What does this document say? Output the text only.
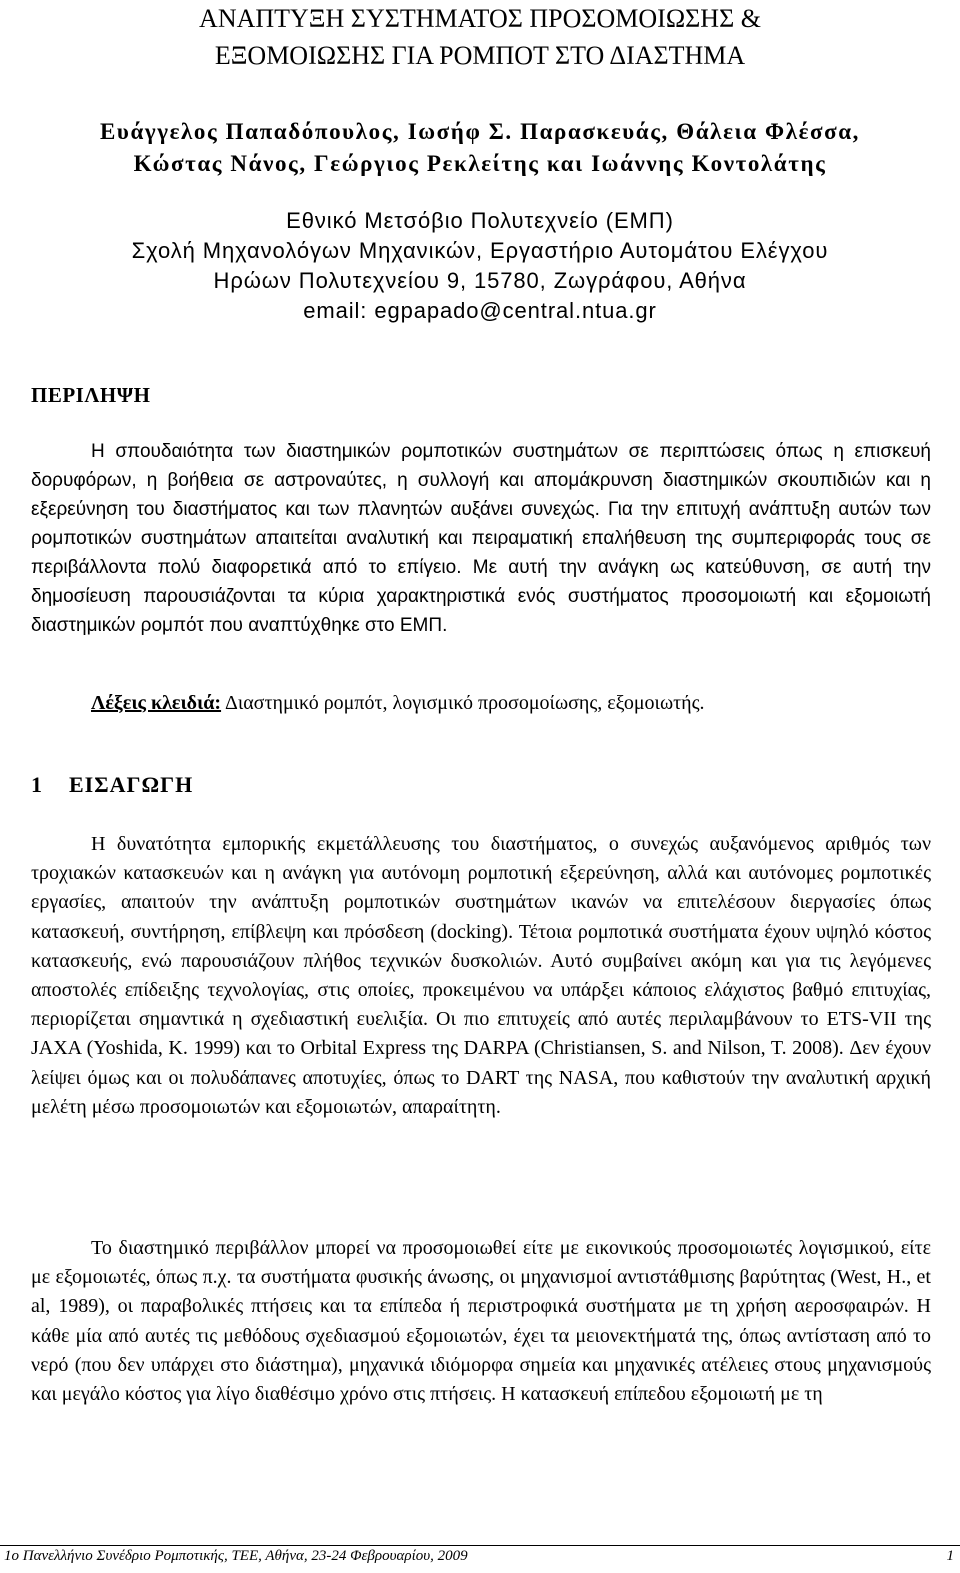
ΑΝΑΠΤΥΞΗ ΣΥΣΤΗΜΑΤΟΣ ΠΡΟΣΟΜΟΙΩΣΗΣ &
ΕΞΟΜΟΙΩΣΗΣ ΓΙΑ ΡΟΜΠΟΤ ΣΤΟ ΔΙΑΣΤΗΜΑ
Ευάγγελος Παπαδόπουλος, Ιωσήφ Σ. Παρασκευάς, Θάλεια Φλέσσα,
Κώστας Νάνος, Γεώργιος Ρεκλείτης και Ιωάννης Κοντολάτης
Εθνικό Μετσόβιο Πολυτεχνείο (ΕΜΠ)
Σχολή Μηχανολόγων Μηχανικών, Εργαστήριο Αυτομάτου Ελέγχου
Ηρώων Πολυτεχνείου 9, 15780, Ζωγράφου, Αθήνα
email: egpapado@central.ntua.gr
ΠΕΡΙΛΗΨΗ

Η σπουδαιότητα των διαστημικών ρομποτικών συστημάτων σε περιπτώσεις όπως η επισκευή δορυφόρων, η βοήθεια σε αστροναύτες, η συλλογή και απομάκρυνση διαστημικών σκουπιδιών και η εξερεύνηση του διαστήματος και των πλανητών αυξάνει συνεχώς. Για την επιτυχή ανάπτυξη αυτών των ρομποτικών συστημάτων απαιτείται αναλυτική και πειραματική επαλήθευση της συμπεριφοράς τους σε περιβάλλοντα πολύ διαφορετικά από το επίγειο. Με αυτή την ανάγκη ως κατεύθυνση, σε αυτή την δημοσίευση παρουσιάζονται τα κύρια χαρακτηριστικά ενός συστήματος προσομοιωτή και εξομοιωτή διαστημικών ρομπότ που αναπτύχθηκε στο ΕΜΠ.

Λέξεις κλειδιά: Διαστημικό ρομπότ, λογισμικό προσομοίωσης, εξομοιωτής.
1 ΕΙΣΑΓΩΓΗ

Η δυνατότητα εμπορικής εκμετάλλευσης του διαστήματος, ο συνεχώς αυξανόμενος αριθμός των τροχιακών κατασκευών και η ανάγκη για αυτόνομη ρομποτική εξερεύνηση, αλλά και αυτόνομες ρομποτικές εργασίες, απαιτούν την ανάπτυξη ρομποτικών συστημάτων ικανών να επιτελέσουν διεργασίες όπως κατασκευή, συντήρηση, επίβλεψη και πρόσδεση (docking). Τέτοια ρομποτικά συστήματα έχουν υψηλό κόστος κατασκευής, ενώ παρουσιάζουν πλήθος τεχνικών δυσκολιών. Αυτό συμβαίνει ακόμη και για τις λεγόμενες αποστολές επίδειξης τεχνολογίας, στις οποίες, προκειμένου να υπάρξει κάποιος ελάχιστος βαθμό επιτυχίας, περιορίζεται σημαντικά η σχεδιαστική ευελιξία. Οι πιο επιτυχείς από αυτές περιλαμβάνουν το ETS-VII της JAXA (Yoshida, K. 1999) και το Orbital Express της DARPA (Christiansen, S. and Nilson, T. 2008). Δεν έχουν λείψει όμως και οι πολυδάπανες αποτυχίες, όπως το DART της NASA, που καθιστούν την αναλυτική αρχική μελέτη μέσω προσομοιωτών και εξομοιωτών, απαραίτητη.

Το διαστημικό περιβάλλον μπορεί να προσομοιωθεί είτε με εικονικούς προσομοιωτές λογισμικού, είτε με εξομοιωτές, όπως π.χ. τα συστήματα φυσικής άνωσης, οι μηχανισμοί αντιστάθμισης βαρύτητας (West, H., et al, 1989), οι παραβολικές πτήσεις και τα επίπεδα ή περιστροφικά συστήματα με τη χρήση αεροσφαιρών. Η κάθε μία από αυτές τις μεθόδους σχεδιασμού εξομοιωτών, έχει τα μειονεκτήματά της, όπως αντίσταση από το νερό (που δεν υπάρχει στο διάστημα), μηχανικά ιδιόμορφα σημεία και μηχανικές ατέλειες στους μηχανισμούς και μεγάλο κόστος για λίγο διαθέσιμο χρόνο στις πτήσεις. Η κατασκευή επίπεδου εξομοιωτή με τη

1ο Πανελλήνιο Συνέδριο Ρομποτικής, ΤΕΕ, Αθήνα, 23-24 Φεβρουαρίου, 2009	1
